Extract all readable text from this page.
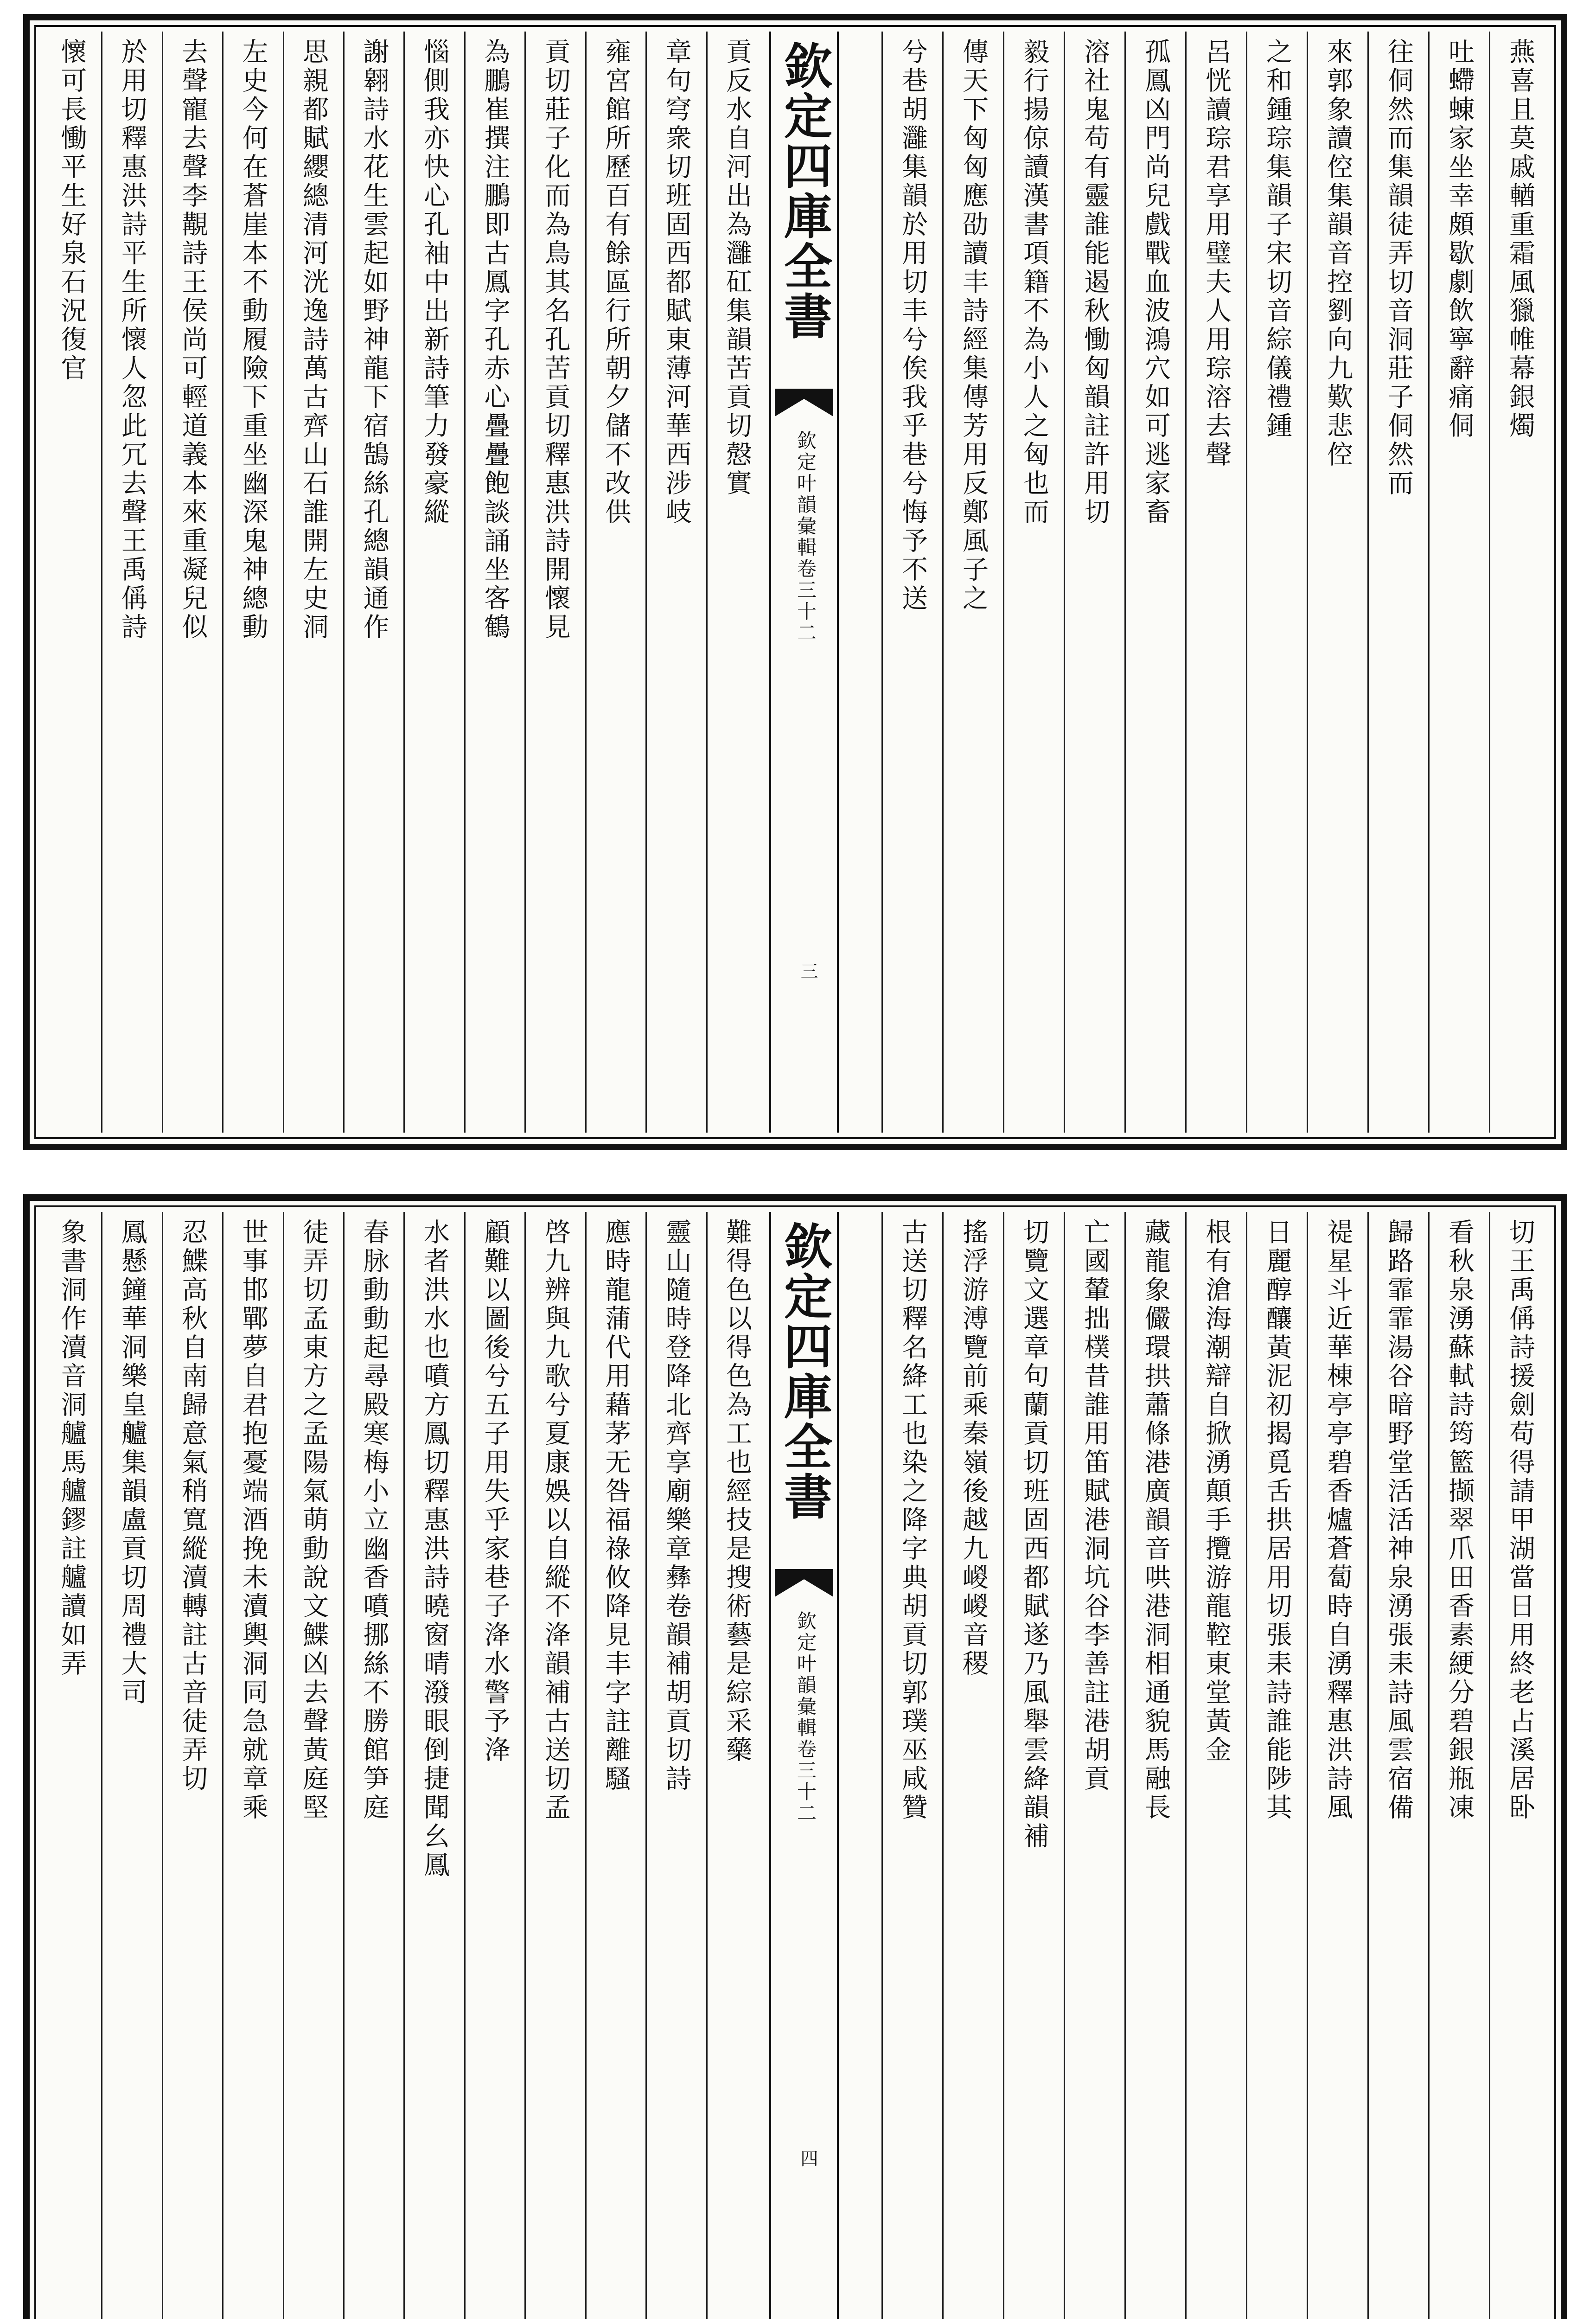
燕喜且莫戚輶重霜風獵帷幕銀燭
吐螮蝀家坐幸頗歇劇飲寧辭痛侗
往侗然而集韻徒弄切音洞莊子侗然而
來郭象讀倥集韻音控劉向九歎悲倥
之和鍾琮集韻子宋切音綜儀禮鍾
呂恍讀琮君享用璧夫人用琮溶去聲
孤鳳凶門尚兒戲戰血波鴻穴如可逃家畜
溶社鬼苟有靈誰能遏秋慟匈韻註許用切
毅行揚倞讀漢書項籍不為小人之匈也而
傳天下匈匈應劭讀丰詩經集傳芳用反鄭風子之
兮巷胡灉集韻於用切丰兮俟我乎巷兮悔予不送
欽定四庫全書
欽定叶韻彙輯卷三十二
三
貢反水自河出為灉矼集韻苦貢切慤實
章句穹衆切班固西都賦東薄河華西涉岐
雍宮館所歷百有餘區行所朝夕儲不改供
貢切莊子化而為鳥其名孔苦貢切釋惠洪詩開懷見
為鵬崔撰注鵬即古鳳字孔赤心疊疊飽談誦坐客鶴
惱側我亦快心孔袖中出新詩筆力發豪縱
謝翱詩水花生雲起如野神龍下宿鵠絲孔總韻通作
思親都賦纓總清河洸逸詩萬古齊山石誰開左史洞
左史今何在蒼崖本不動履險下重坐幽深鬼神總動
去聲寵去聲李覯詩王侯尚可輕道義本來重凝兒似
於用切釋惠洪詩平生所懷人忽此冗去聲王禹偁詩
懷可長慟平生好泉石況復官
切王禹偁詩援劍苟得請甲湖當日用終老占溪居卧
看秋泉湧蘇軾詩筠籃撷翠爪田香素綆分碧銀瓶凍
歸路霏霏湯谷暗野堂活活神泉湧張耒詩風雲宿備
禔星斗近華棟亭亭碧香爐蒼蔔時自湧釋惠洪詩風
日麗醇釀黃泥初揭覓舌拱居用切張耒詩誰能陟其
根有滄海潮辯自掀湧顛手攬游龍鞚東堂黃金
藏龍象儼環拱蕭條港廣韻音哄港洞相通貌馬融長
亡國輦拙樸昔誰用笛賦港洞坑谷李善註港胡貢
切覽文選章句蘭貢切班固西都賦遂乃風舉雲絳韻補
搖浮游溥覽前乘秦嶺後越九嵕嵕音稷
古送切釋名絳工也染之降字典胡貢切郭璞巫咸贊
欽定四庫全書
欽定叶韻彙輯卷三十二
四
難得色以得色為工也經技是搜術藝是綜采藥
靈山隨時登降北齊享廟樂章彝卷韻補胡貢切詩
應時龍蒲代用藉茅无咎福祿攸降見丰字註離騷
啓九辨與九歌兮夏康娛以自縱不洚韻補古送切孟
顧難以圖後兮五子用失乎家巷子洚水警予洚
水者洪水也噴方鳳切釋惠洪詩曉窗晴潑眼倒捷聞幺鳳
春脉動動起尋殿寒梅小立幽香噴挪絲不勝館笋庭
徒弄切孟東方之孟陽氣萌動說文鰈凶去聲黃庭堅
世事邯鄲夢自君抱憂端酒挽未瀆輿洞同急就章乘
忍鰈高秋自南歸意氣稍寬縱瀆轉註古音徒弄切
鳳懸鐘華洞樂皇艫集韻盧貢切周禮大司
象書洞作瀆音洞艫馬艫鏐註艫讀如弄
